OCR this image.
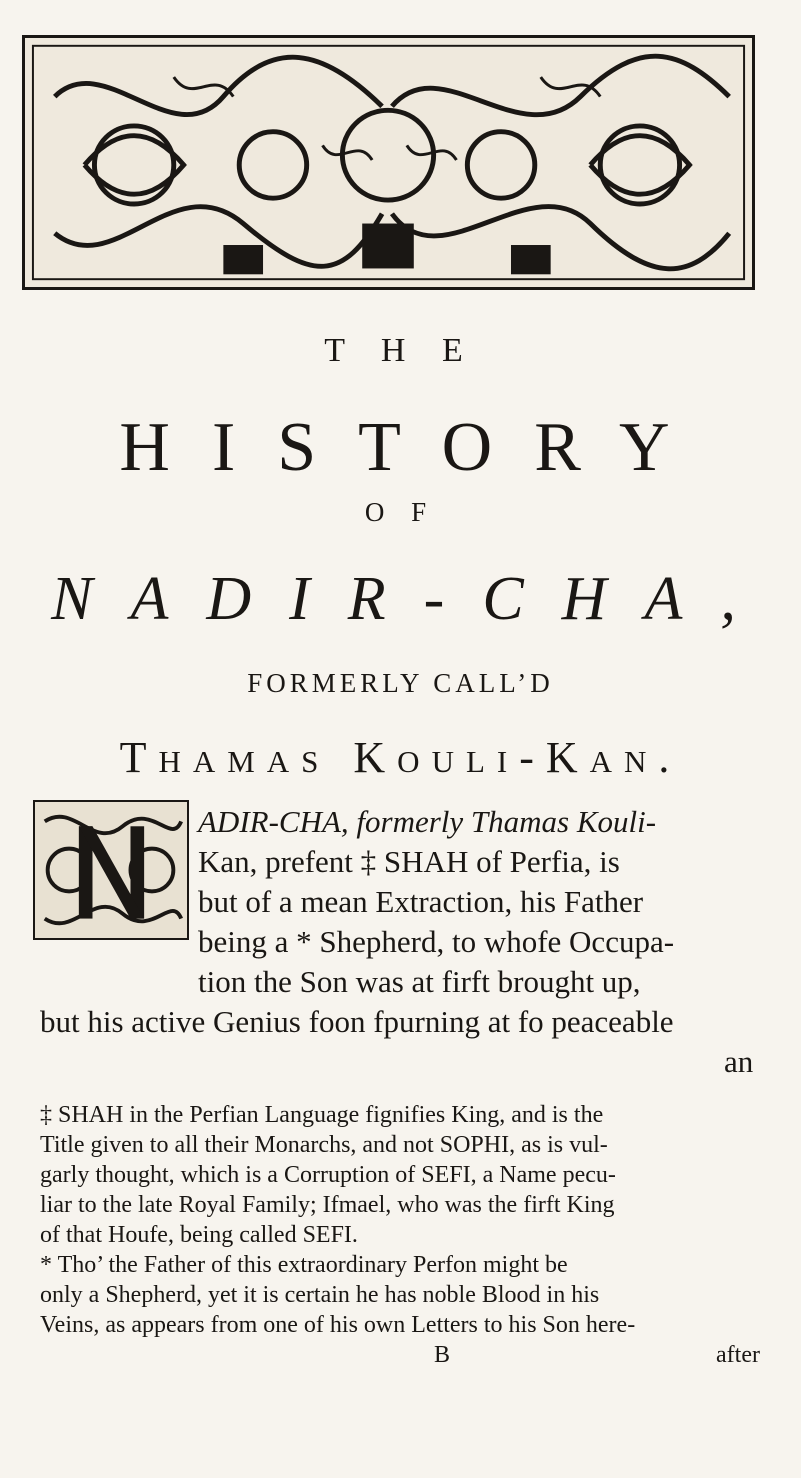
T H E
HISTORY
O F
NADIR-CHA,
FORMERLY CALL’D
Thamas Kouli-Kan.
ADIR-CHA, formerly Thamas Kouli-
Kan, prefent ‡ SHAH of Perfia, is
but of a mean Extraction, his Father
being a * Shepherd, to whofe Occupa-
tion the Son was at firft brought up,
but his active Genius foon fpurning at fo peaceable
an
‡ SHAH in the Perfian Language fignifies King, and is the
Title given to all their Monarchs, and not SOPHI, as is vul-
garly thought, which is a Corruption of SEFI, a Name pecu-
liar to the late Royal Family; Ifmael, who was the firft King
of that Houfe, being called SEFI.
* Tho’ the Father of this extraordinary Perfon might be
only a Shepherd, yet it is certain he has noble Blood in his
Veins, as appears from one of his own Letters to his Son here-
B	after
